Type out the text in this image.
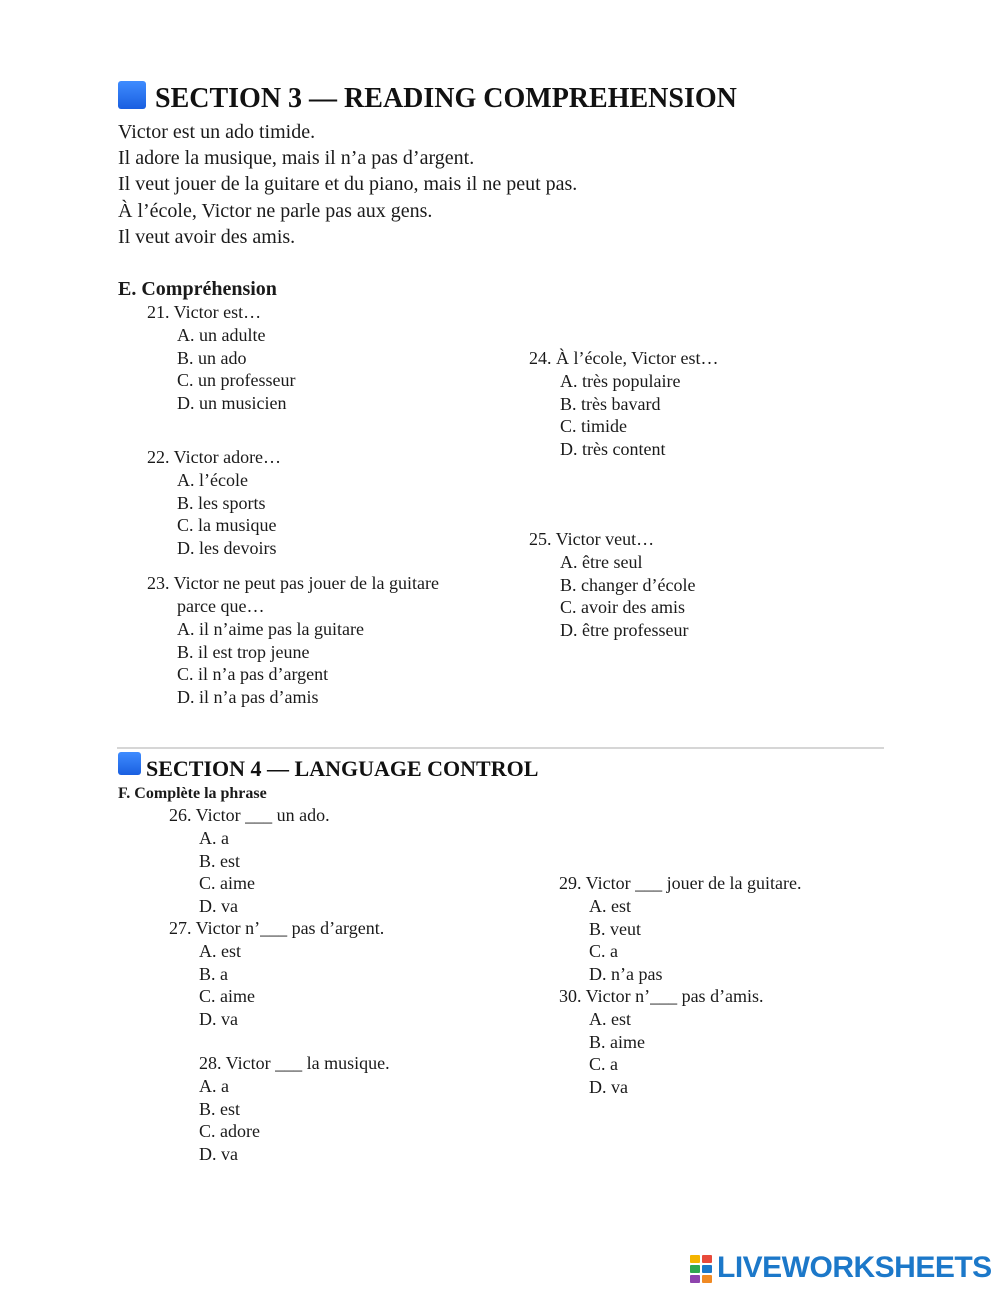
SECTION 3 — READING COMPREHENSION
Victor est un ado timide.
Il adore la musique, mais il n’a pas d’argent.
Il veut jouer de la guitare et du piano, mais il ne peut pas.
À l’école, Victor ne parle pas aux gens.
Il veut avoir des amis.
E. Compréhension
21. Victor est…
A. un adulte
B. un ado
C. un professeur
D. un musicien
22. Victor adore…
A. l’école
B. les sports
C. la musique
D. les devoirs
23. Victor ne peut pas jouer de la guitare
parce que…
A. il n’aime pas la guitare
B. il est trop jeune
C. il n’a pas d’argent
D. il n’a pas d’amis
24. À l’école, Victor est…
A. très populaire
B. très bavard
C. timide
D. très content
25. Victor veut…
A. être seul
B. changer d’école
C. avoir des amis
D. être professeur
SECTION 4 — LANGUAGE CONTROL
F. Complète la phrase
26. Victor ___ un ado.
A. a
B. est
C. aime
D. va
27. Victor n’___ pas d’argent.
A. est
B. a
C. aime
D. va
28. Victor ___ la musique.
A. a
B. est
C. adore
D. va
29. Victor ___ jouer de la guitare.
A. est
B. veut
C. a
D. n’a pas
30. Victor n’___ pas d’amis.
A. est
B. aime
C. a
D. va
LIVEWORKSHEETS
